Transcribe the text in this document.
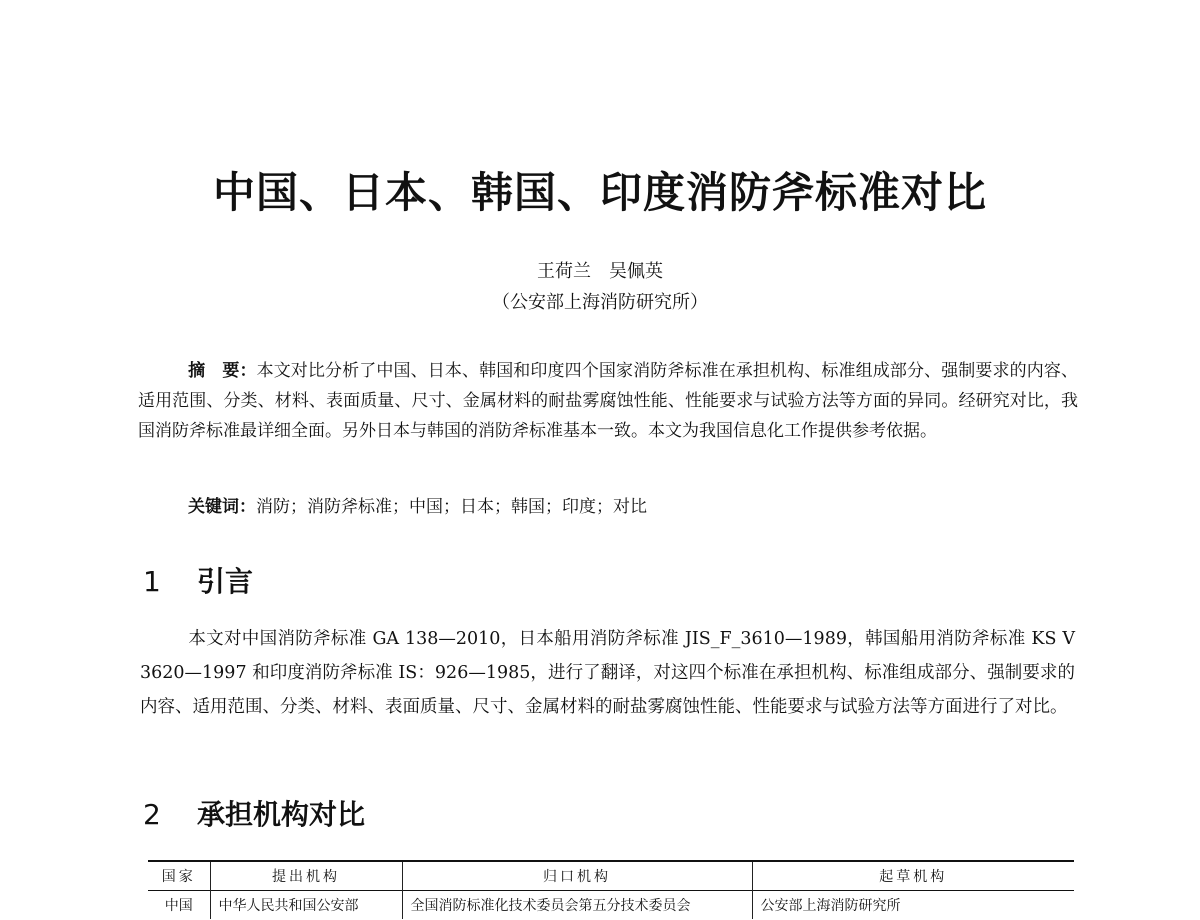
中国、日本、韩国、印度消防斧标准对比
王荷兰　吴佩英
（公安部上海消防研究所）
摘　要：本文对比分析了中国、日本、韩国和印度四个国家消防斧标准在承担机构、标准组成部分、强制要求的内容、适用范围、分类、材料、表面质量、尺寸、金属材料的耐盐雾腐蚀性能、性能要求与试验方法等方面的异同。经研究对比，我国消防斧标准最详细全面。另外日本与韩国的消防斧标准基本一致。本文为我国信息化工作提供参考依据。
关键词：消防；消防斧标准；中国；日本；韩国；印度；对比
1 引言
本文对中国消防斧标准 GA 138—2010，日本船用消防斧标准 JIS_F_3610—1989，韩国船用消防斧标准 KS V 3620—1997 和印度消防斧标准 IS：926—1985，进行了翻译，对这四个标准在承担机构、标准组成部分、强制要求的内容、适用范围、分类、材料、表面质量、尺寸、金属材料的耐盐雾腐蚀性能、性能要求与试验方法等方面进行了对比。
2 承担机构对比
国家	提出机构	归口机构	起草机构
中国	中华人民共和国公安部	全国消防标准化技术委员会第五分技术委员会	公安部上海消防研究所
